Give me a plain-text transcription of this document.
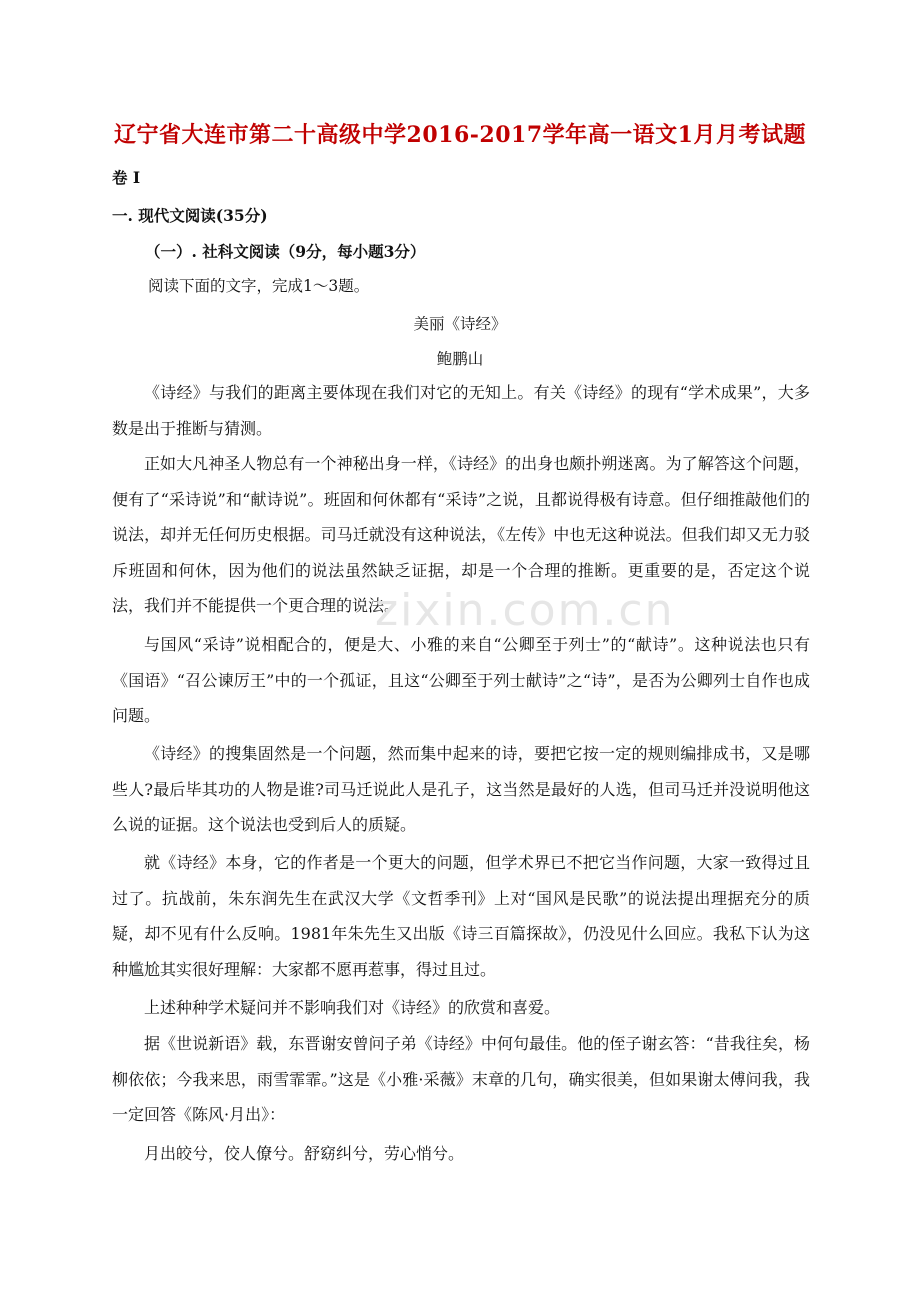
辽宁省大连市第二十高级中学2016-2017学年高一语文1月月考试题
卷 I
一. 现代文阅读(35分)
（一）. 社科文阅读（9分，每小题3分）
阅读下面的文字，完成1～3题。
美丽《诗经》
鲍鹏山

《诗经》与我们的距离主要体现在我们对它的无知上。有关《诗经》的现有“学术成果”，大多数是出于推断与猜测。

正如大凡神圣人物总有一个神秘出身一样，《诗经》的出身也颇扑朔迷离。为了解答这个问题，便有了“采诗说”和“献诗说”。班固和何休都有“采诗”之说，且都说得极有诗意。但仔细推敲他们的说法，却并无任何历史根据。司马迁就没有这种说法，《左传》中也无这种说法。但我们却又无力驳斥班固和何休，因为他们的说法虽然缺乏证据，却是一个合理的推断。更重要的是，否定这个说法，我们并不能提供一个更合理的说法。

与国风“采诗”说相配合的，便是大、小雅的来自“公卿至于列士”的“献诗”。这种说法也只有《国语》“召公谏厉王”中的一个孤证，且这“公卿至于列士献诗”之“诗”，是否为公卿列士自作也成问题。

《诗经》的搜集固然是一个问题，然而集中起来的诗，要把它按一定的规则编排成书，又是哪些人?最后毕其功的人物是谁?司马迁说此人是孔子，这当然是最好的人选，但司马迁并没说明他这么说的证据。这个说法也受到后人的质疑。

就《诗经》本身，它的作者是一个更大的问题，但学术界已不把它当作问题，大家一致得过且过了。抗战前，朱东润先生在武汉大学《文哲季刊》上对“国风是民歌”的说法提出理据充分的质疑，却不见有什么反响。1981年朱先生又出版《诗三百篇探故》，仍没见什么回应。我私下认为这种尴尬其实很好理解：大家都不愿再惹事，得过且过。

上述种种学术疑问并不影响我们对《诗经》的欣赏和喜爱。

据《世说新语》载，东晋谢安曾问子弟《诗经》中何句最佳。他的侄子谢玄答：“昔我往矣，杨柳依依；今我来思，雨雪霏霏。”这是《小雅·采薇》末章的几句，确实很美，但如果谢太傅问我，我一定回答《陈风·月出》：

月出皎兮，佼人僚兮。舒窈纠兮，劳心悄兮。

zixin.com.cn
